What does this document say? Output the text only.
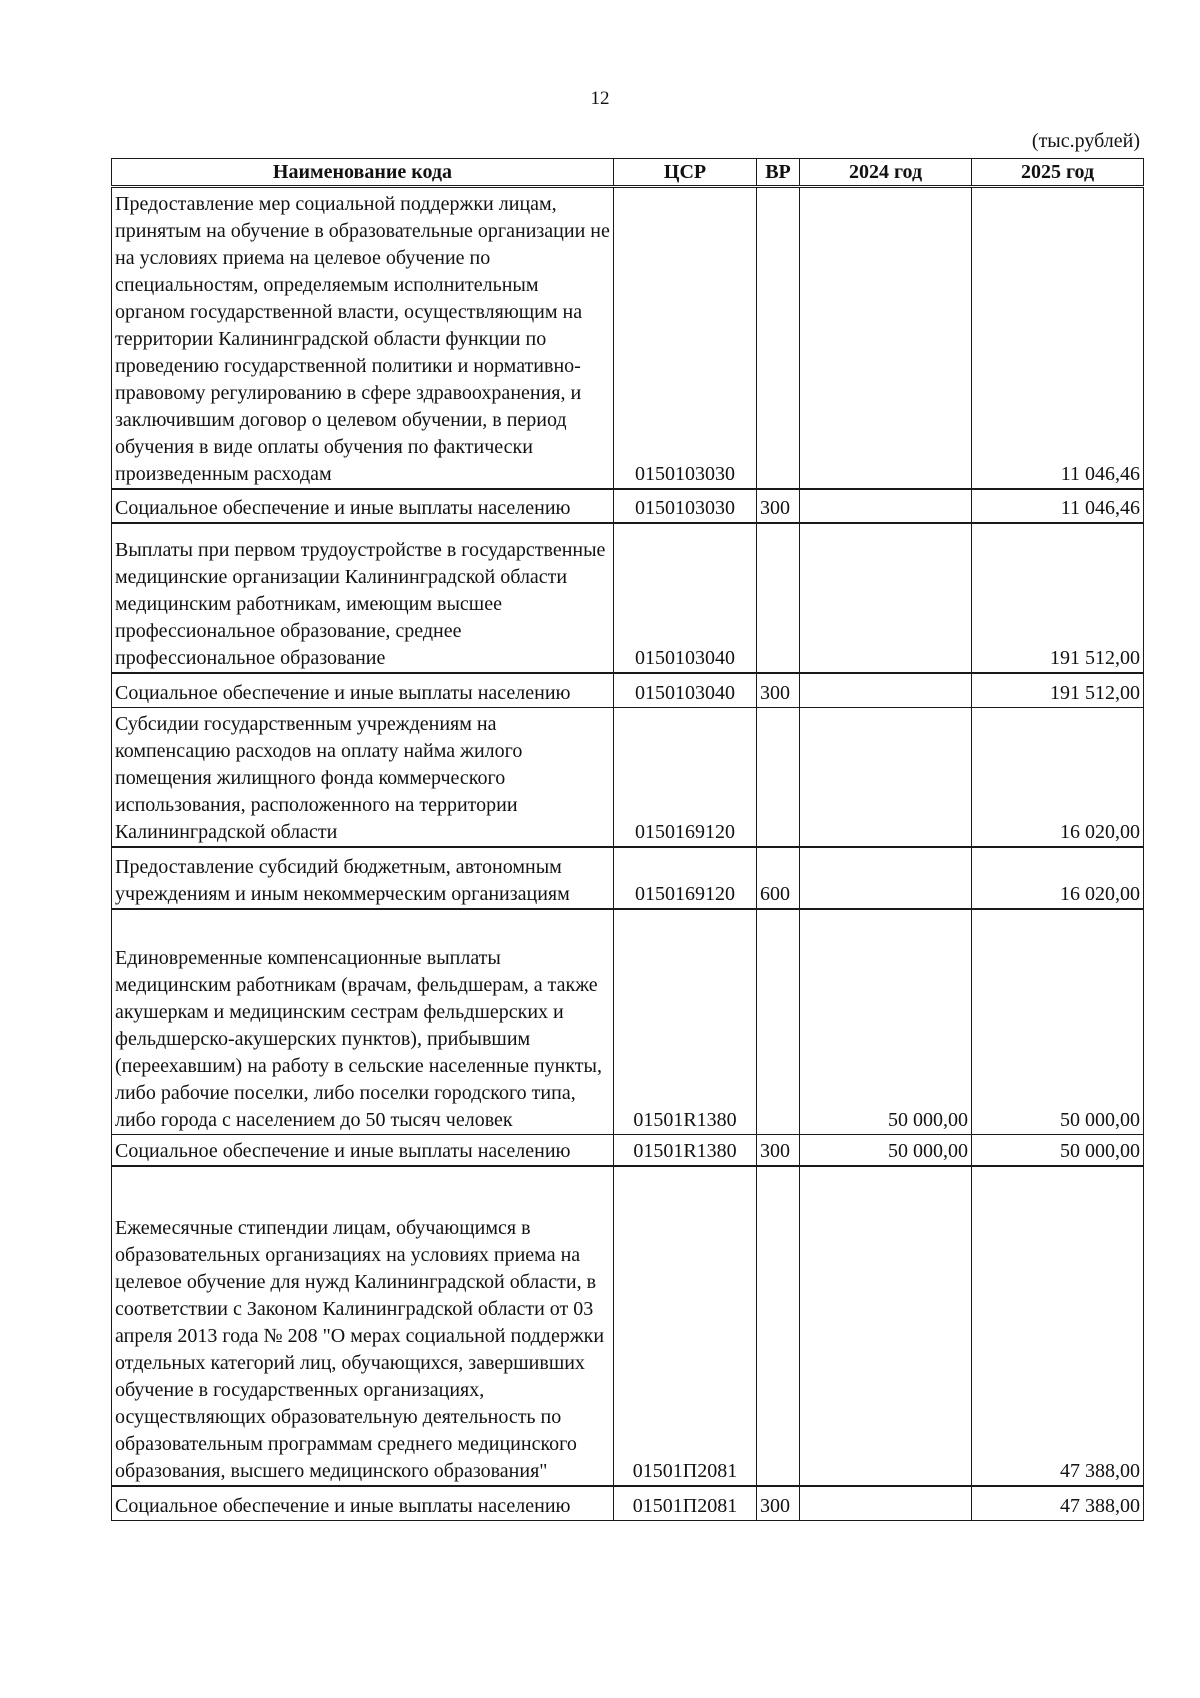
12
(тыс.рублей)
Наименование кода	ЦСР	ВР	2024 год	2025 год
Предоставление мер социальной поддержки лицам, принятым на обучение в образовательные организации не на условиях приема на целевое обучение по специальностям, определяемым исполнительным органом государственной власти, осуществляющим на территории Калининградской области функции по проведению государственной политики и нормативно-правовому регулированию в сфере здравоохранения, и заключившим договор о целевом обучении, в период обучения в виде оплаты обучения по фактически произведенным расходам	0150103030			11 046,46
Социальное обеспечение и иные выплаты населению	0150103030	300		11 046,46
Выплаты при первом трудоустройстве в государственные медицинские организации Калининградской области медицинским работникам, имеющим высшее профессиональное образование, среднее профессиональное образование	0150103040			191 512,00
Социальное обеспечение и иные выплаты населению	0150103040	300		191 512,00
Субсидии государственным учреждениям на компенсацию расходов на оплату найма жилого помещения жилищного фонда коммерческого использования, расположенного на территории Калининградской области	0150169120			16 020,00
Предоставление субсидий бюджетным, автономным учреждениям и иным некоммерческим организациям	0150169120	600		16 020,00
Единовременные компенсационные выплаты медицинским работникам (врачам, фельдшерам, а также акушеркам и медицинским сестрам фельдшерских и фельдшерско-акушерских пунктов), прибывшим (переехавшим) на работу в сельские населенные пункты, либо рабочие поселки, либо поселки городского типа, либо города с населением до 50 тысяч человек	01501R1380		50 000,00	50 000,00
Социальное обеспечение и иные выплаты населению	01501R1380	300	50 000,00	50 000,00
Ежемесячные стипендии лицам, обучающимся в образовательных организациях на условиях приема на целевое обучение для нужд Калининградской области, в соответствии с Законом Калининградской области от 03 апреля 2013 года № 208 "О мерах социальной поддержки отдельных категорий лиц, обучающихся, завершивших обучение в государственных организациях, осуществляющих образовательную деятельность по образовательным программам среднего медицинского образования, высшего медицинского образования"	01501П2081			47 388,00
Социальное обеспечение и иные выплаты населению	01501П2081	300		47 388,00
